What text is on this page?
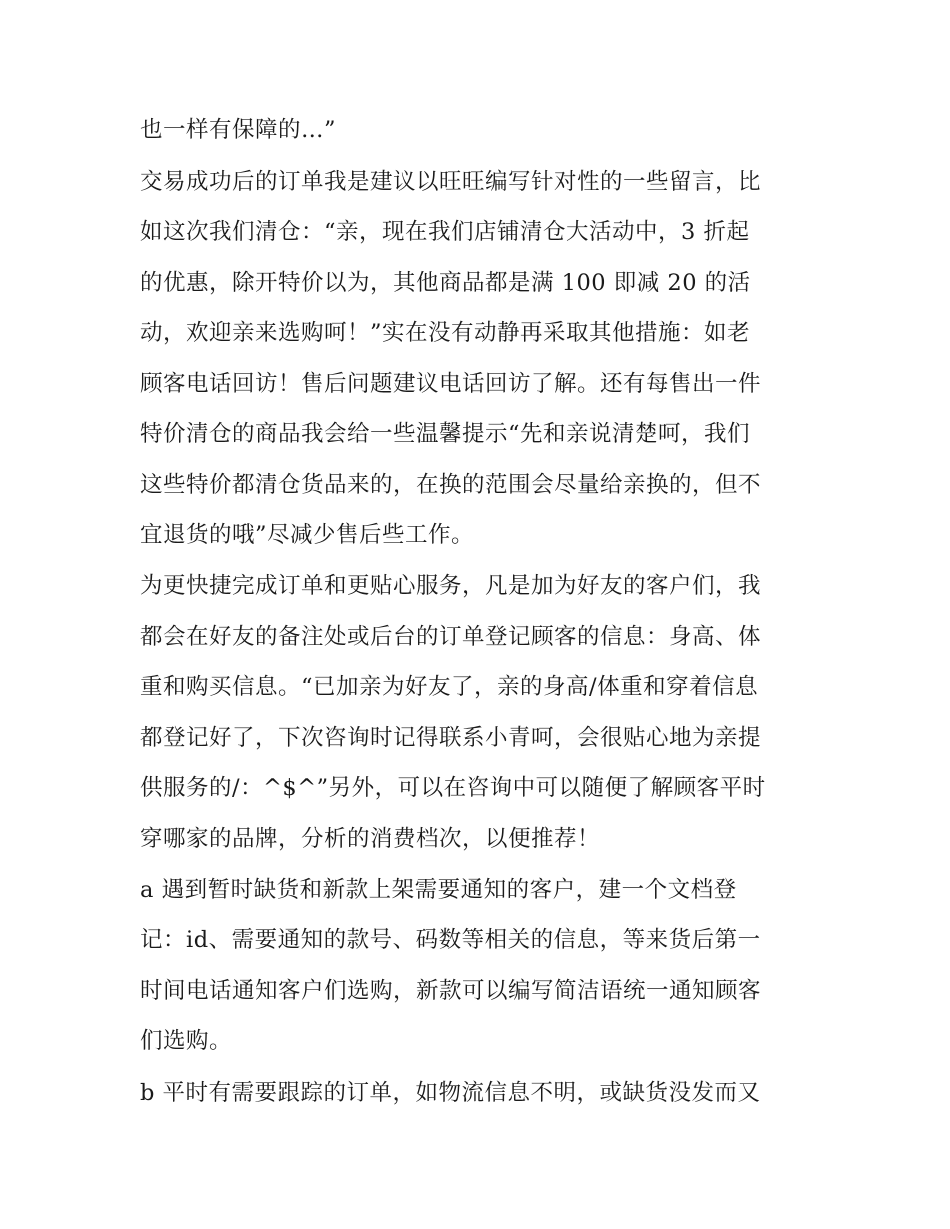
也一样有保障的…”
交易成功后的订单我是建议以旺旺编写针对性的一些留言，比
如这次我们清仓：“亲，现在我们店铺清仓大活动中，3 折起
的优惠，除开特价以为，其他商品都是满 100 即减 20 的活
动，欢迎亲来选购呵！”实在没有动静再采取其他措施：如老
顾客电话回访！售后问题建议电话回访了解。还有每售出一件
特价清仓的商品我会给一些温馨提示“先和亲说清楚呵，我们
这些特价都清仓货品来的，在换的范围会尽量给亲换的，但不
宜退货的哦”尽减少售后些工作。
为更快捷完成订单和更贴心服务，凡是加为好友的客户们，我
都会在好友的备注处或后台的订单登记顾客的信息：身高、体
重和购买信息。“已加亲为好友了，亲的身高/体重和穿着信息
都登记好了，下次咨询时记得联系小青呵，会很贴心地为亲提
供服务的/：^$^”另外，可以在咨询中可以随便了解顾客平时
穿哪家的品牌，分析的消费档次，以便推荐！
a 遇到暂时缺货和新款上架需要通知的客户，建一个文档登
记：id、需要通知的款号、码数等相关的信息，等来货后第一
时间电话通知客户们选购，新款可以编写简洁语统一通知顾客
们选购。
b 平时有需要跟踪的订单，如物流信息不明，或缺货没发而又
